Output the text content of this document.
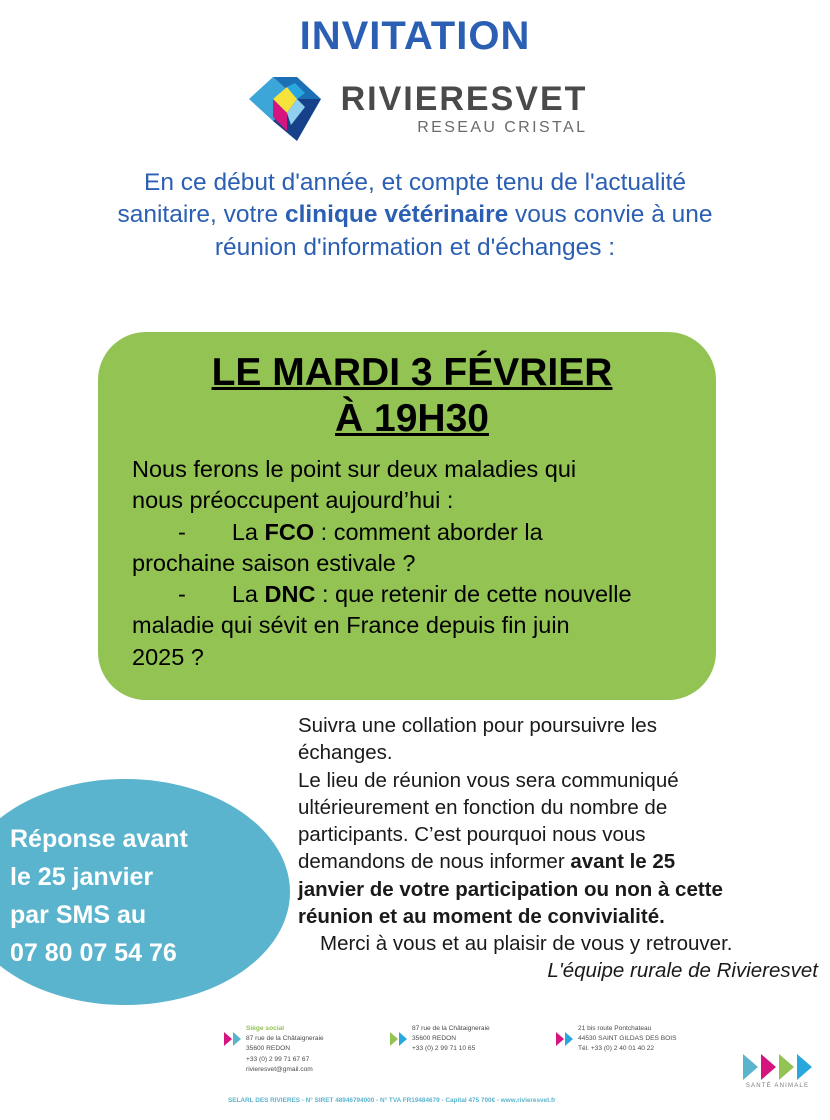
INVITATION
RIVIERESVET
RESEAU CRISTAL
En ce début d'année, et compte tenu de l'actualité
sanitaire, votre clinique vétérinaire vous convie à une
réunion d'information et d'échanges :
LE MARDI 3 FÉVRIER
À 19H30

Nous ferons le point sur deux maladies qui

nous préoccupent aujourd’hui :

- La FCO : comment aborder la

prochaine saison estivale ?

- La DNC : que retenir de cette nouvelle

maladie qui sévit en France depuis fin juin

2025 ?

Réponse avant

le 25 janvier

par SMS au

07 80 07 54 76

Suivra une collation pour poursuivre les

échanges.

Le lieu de réunion vous sera communiqué

ultérieurement en fonction du nombre de

participants. C’est pourquoi nous vous

demandons de nous informer avant le 25

janvier de votre participation ou non à cette

réunion et au moment de convivialité.

Merci à vous et au plaisir de vous y retrouver.

L'équipe rurale de Rivieresvet

Siège social
87 rue de la Châtaigneraie
35600 REDON
+33 (0) 2 99 71 67 67
rivieresvet@gmail.com
87 rue de la Châtaigneraie
35600 REDON
+33 (0) 2 99 71 10 65
21 bis route Pontchateau
44530 SAINT GILDAS DES BOIS
Tél. +33 (0) 2 40 01 40 22
SELARL DES RIVIERES - N° SIRET 48946794000 - N° TVA FR19484679 - Capital 475 700€ - www.rivieresvet.fr
SANTÉ ANIMALE
